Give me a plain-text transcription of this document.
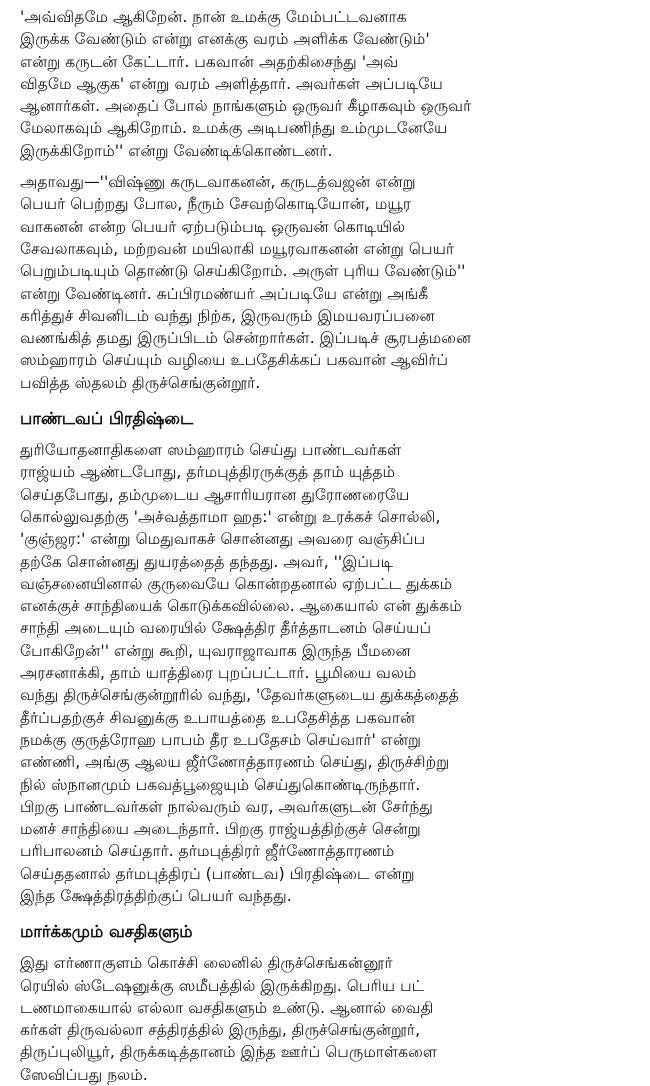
'அவ்விதமே ஆகிறேன். நான் உமக்கு மேம்பட்டவனாக
இருக்க வேண்டும் என்று எனக்கு வரம் அளிக்க வேண்டும்'
என்று கருடன் கேட்டார். பகவான் அதற்கிசைந்து 'அவ்
விதமே ஆகுக' என்று வரம் அளித்தார். அவர்கள் அப்படியே
ஆனார்கள். அதைப் போல் நாங்களும் ஒருவர் கீழாகவும் ஒருவர்
மேலாகவும் ஆகிறோம். உமக்கு அடிபணிந்து உம்முடனேயே
இருக்கிறோம்'' என்று வேண்டிக்கொண்டனர்.
அதாவது—''விஷ்ணு கருடவாகனன், கருடத்வஜன் என்று
பெயர் பெற்றது போல, நீரும் சேவற்கொடியோன், மயூர
வாகனன் என்ற பெயர் ஏற்படும்படி ஒருவன் கொடியில்
சேவலாகவும், மற்றவன் மயிலாகி மயூரவாகனன் என்று பெயர்
பெறும்படியும் தொண்டு செய்கிறோம். அருள் புரிய வேண்டும்''
என்று வேண்டினர். சுப்பிரமண்யர் அப்படியே என்று அங்கீ
கரித்துச் சிவனிடம் வந்து நிற்க, இருவரும் இமயவரப்பனை
வணங்கித் தமது இருப்பிடம் சென்றார்கள். இப்படிச் சூரபத்மனை
ஸம்ஹாரம் செய்யும் வழியை உபதேசிக்கப் பகவான் ஆவிர்ப்
பவித்த ஸ்தலம் திருச்செங்குன்றூர்.
பாண்டவப் பிரதிஷ்டை
துரியோதனாதிகளை ஸம்ஹாரம் செய்து பாண்டவர்கள்
ராஜ்யம் ஆண்டபோது, தர்மபுத்திரருக்குத் தாம் யுத்தம்
செய்தபோது, தம்முடைய ஆசாரியரான துரோணரையே
கொல்லுவதற்கு 'அச்வத்தாமா ஹத:' என்று உரக்கச் சொல்லி,
'குஞ்ஜர:' என்று மெதுவாகச் சொன்னது அவரை வஞ்சிப்ப
தற்கே சொன்னது துயரத்தைத் தந்தது. அவர், ''இப்படி
வஞ்சனையினால் குருவையே கொன்றதனால் ஏற்பட்ட துக்கம்
எனக்குச் சாந்தியைக் கொடுக்கவில்லை. ஆகையால் என் துக்கம்
சாந்தி அடையும் வரையில் க்ஷேத்திர தீர்த்தாடனம் செய்யப்
போகிறேன்'' என்று கூறி, யுவராஜாவாக இருந்த பீமனை
அரசனாக்கி, தாம் யாத்திரை புறப்பட்டார். பூமியை வலம்
வந்து திருச்செங்குன்றூரில் வந்து, 'தேவர்களுடைய துக்கத்தைத்
தீர்ப்பதற்குச் சிவனுக்கு உபாயத்தை உபதேசித்த பகவான்
நமக்கு குருத்ரோஹ பாபம் தீர உபதேசம் செய்வார்' என்று
எண்ணி, அங்கு ஆலய ஜீர்ணோத்தாரணம் செய்து, திருச்சிற்று
நில் ஸ்நானமும் பகவத்பூஜையும் செய்துகொண்டிருந்தார்.
பிறகு பாண்டவர்கள் நால்வரும் வர, அவர்களுடன் சேர்ந்து
மனச் சாந்தியை அடைந்தார். பிறகு ராஜ்யத்திற்குச் சென்று
பரிபாலனம் செய்தார். தர்மபுத்திரர் ஜீர்ணோத்தாரணம்
செய்ததனால் தர்மபுத்திரப் (பாண்டவ) பிரதிஷ்டை என்று
இந்த க்ஷேத்திரத்திற்குப் பெயர் வந்தது.
மார்க்கமும் வசதிகளும்
இது எர்ணாகுளம் கொச்சி லைனில் திருச்செங்கன்னூர்
ரெயில் ஸ்டேஷனுக்கு ஸமீபத்தில் இருக்கிறது. பெரிய பட்
டணமாகையால் எல்லா வசதிகளும் உண்டு. ஆனால் வைதி
கர்கள் திருவல்லா சத்திரத்தில் இருந்து, திருச்செங்குன்றூர்,
திருப்புலியூர், திருக்கடித்தானம் இந்த ஊர்ப் பெருமாள்களை
ஸேவிப்பது நலம்.
